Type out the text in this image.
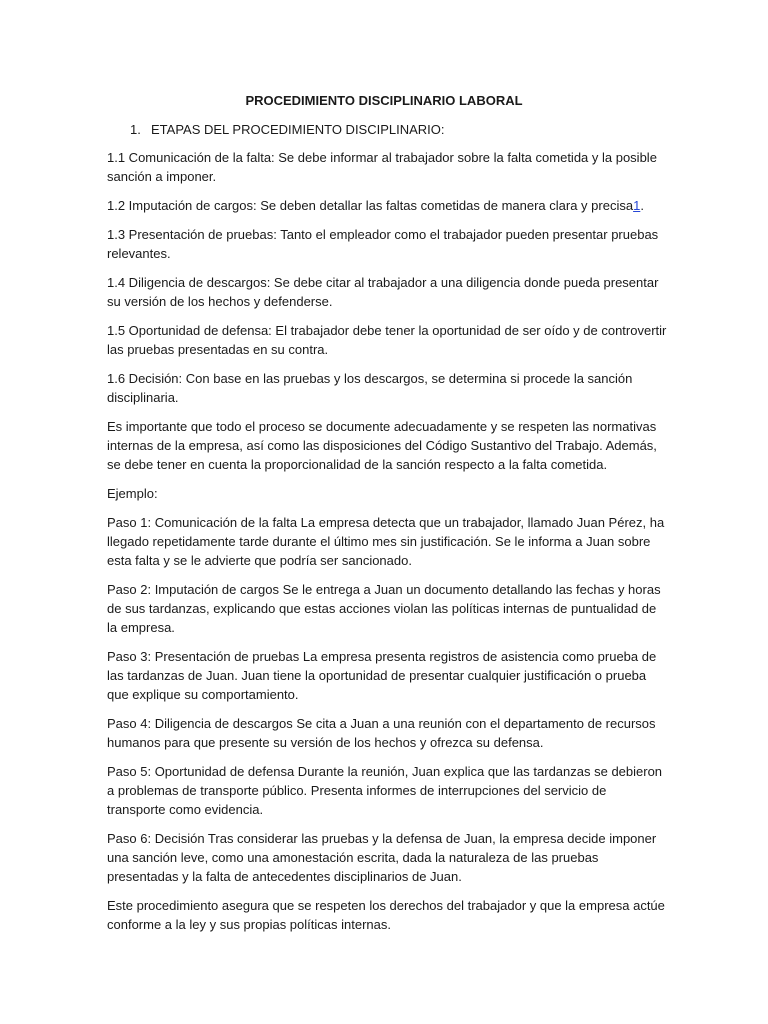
PROCEDIMIENTO DISCIPLINARIO LABORAL
1. ETAPAS DEL PROCEDIMIENTO DISCIPLINARIO:

1.1 Comunicación de la falta: Se debe informar al trabajador sobre la falta cometida y la posible sanción a imponer.

1.2 Imputación de cargos: Se deben detallar las faltas cometidas de manera clara y precisa1.

1.3 Presentación de pruebas: Tanto el empleador como el trabajador pueden presentar pruebas relevantes.

1.4 Diligencia de descargos: Se debe citar al trabajador a una diligencia donde pueda presentar su versión de los hechos y defenderse.

1.5 Oportunidad de defensa: El trabajador debe tener la oportunidad de ser oído y de controvertir las pruebas presentadas en su contra.

1.6 Decisión: Con base en las pruebas y los descargos, se determina si procede la sanción disciplinaria.

Es importante que todo el proceso se documente adecuadamente y se respeten las normativas internas de la empresa, así como las disposiciones del Código Sustantivo del Trabajo. Además, se debe tener en cuenta la proporcionalidad de la sanción respecto a la falta cometida.

Ejemplo:

Paso 1: Comunicación de la falta La empresa detecta que un trabajador, llamado Juan Pérez, ha llegado repetidamente tarde durante el último mes sin justificación. Se le informa a Juan sobre esta falta y se le advierte que podría ser sancionado.

Paso 2: Imputación de cargos Se le entrega a Juan un documento detallando las fechas y horas de sus tardanzas, explicando que estas acciones violan las políticas internas de puntualidad de la empresa.

Paso 3: Presentación de pruebas La empresa presenta registros de asistencia como prueba de las tardanzas de Juan. Juan tiene la oportunidad de presentar cualquier justificación o prueba que explique su comportamiento.

Paso 4: Diligencia de descargos Se cita a Juan a una reunión con el departamento de recursos humanos para que presente su versión de los hechos y ofrezca su defensa.

Paso 5: Oportunidad de defensa Durante la reunión, Juan explica que las tardanzas se debieron a problemas de transporte público. Presenta informes de interrupciones del servicio de transporte como evidencia.

Paso 6: Decisión Tras considerar las pruebas y la defensa de Juan, la empresa decide imponer una sanción leve, como una amonestación escrita, dada la naturaleza de las pruebas presentadas y la falta de antecedentes disciplinarios de Juan.

Este procedimiento asegura que se respeten los derechos del trabajador y que la empresa actúe conforme a la ley y sus propias políticas internas.
